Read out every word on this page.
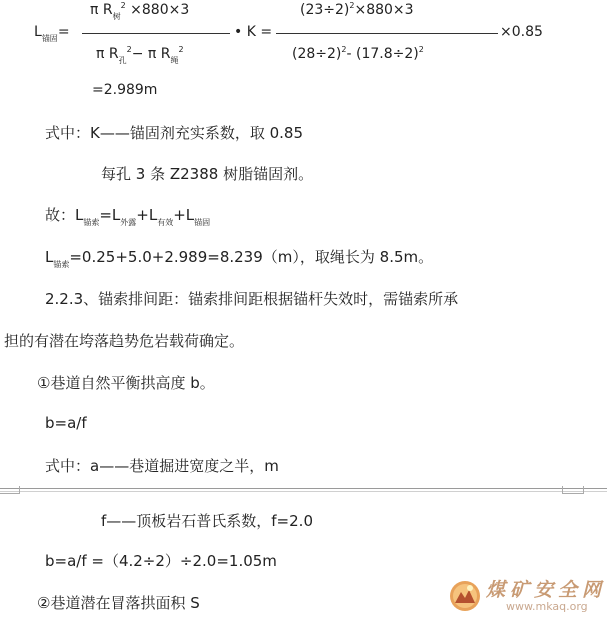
$L_{锚固}=$
π $R_树^2 \times 880\times 3$
π $R_孔^2- \pi$ $R_绳^2$
• K =
$(23\div 2)^2\times 880\times 3$
$(28\div 2)^2-$ $(17.8\div 2)^2$
×0.85
=2.989m
式中：K——锚固剂充实系数，取 0.85
每孔 3 条 Z2388 树脂锚固剂。
故：$L_{锚索}=L_{外露}+L_{有效}+L_{锚固}$
$L_{锚索}=0.25+5.0+2.989=8.239(m)$，取绳长为 8.5m。
2.2.3、锚索排间距：锚索排间距根据锚杆失效时，需锚索所承
担的有潜在垮落趋势危岩载荷确定。
①巷道自然平衡拱高度 b。
b=a/f
式中：a——巷道掘进宽度之半，m
f——顶板岩石普氏系数，f=2.0
b=a/f =（4.2÷2）÷2.0=1.05m
②巷道潜在冒落拱面积 S
煤矿安全网
www.mkaq.org
